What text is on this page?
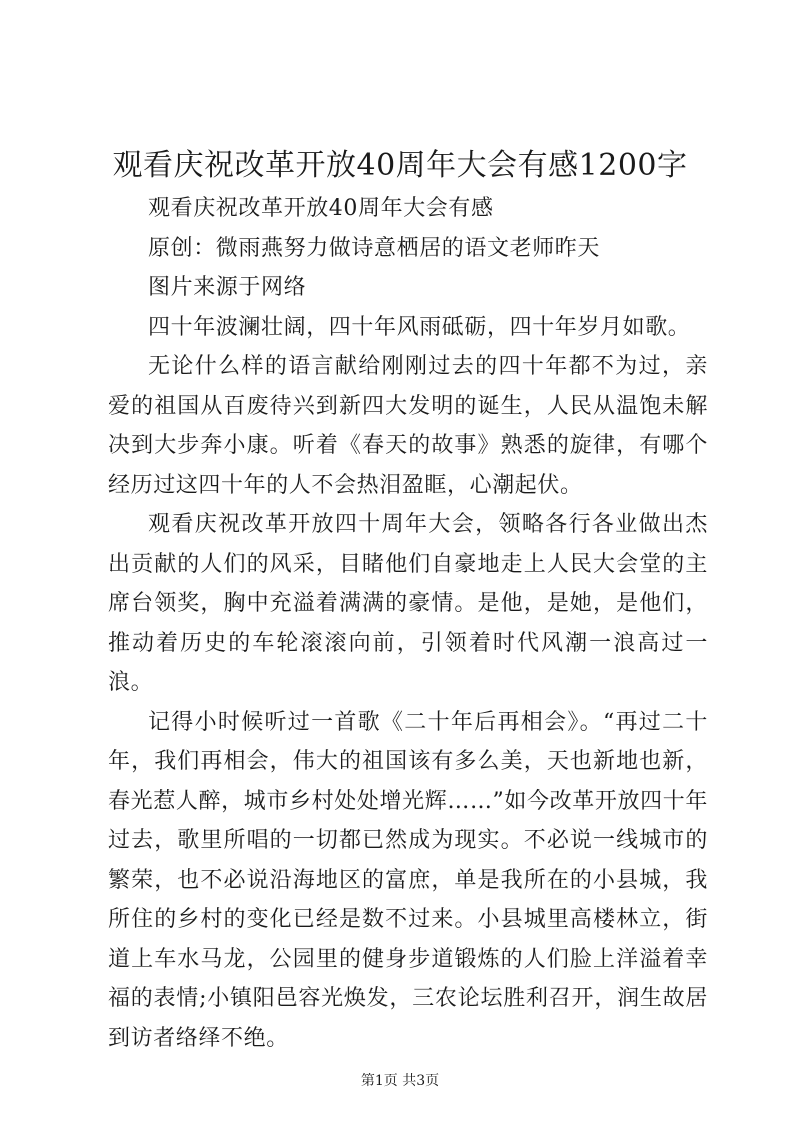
观看庆祝改革开放40周年大会有感1200字

观看庆祝改革开放40周年大会有感

原创：微雨燕努力做诗意栖居的语文老师昨天

图片来源于网络

四十年波澜壮阔，四十年风雨砥砺，四十年岁月如歌。

无论什么样的语言献给刚刚过去的四十年都不为过，亲爱的祖国从百废待兴到新四大发明的诞生，人民从温饱未解决到大步奔小康。听着《春天的故事》熟悉的旋律，有哪个经历过这四十年的人不会热泪盈眶，心潮起伏。

观看庆祝改革开放四十周年大会，领略各行各业做出杰出贡献的人们的风采，目睹他们自豪地走上人民大会堂的主席台领奖，胸中充溢着满满的豪情。是他，是她，是他们，推动着历史的车轮滚滚向前，引领着时代风潮一浪高过一浪。

记得小时候听过一首歌《二十年后再相会》。“再过二十年，我们再相会，伟大的祖国该有多么美，天也新地也新，春光惹人醉，城市乡村处处增光辉……”如今改革开放四十年过去，歌里所唱的一切都已然成为现实。不必说一线城市的繁荣，也不必说沿海地区的富庶，单是我所在的小县城，我所住的乡村的变化已经是数不过来。小县城里高楼林立，街道上车水马龙，公园里的健身步道锻炼的人们脸上洋溢着幸福的表情;小镇阳邑容光焕发，三农论坛胜利召开，润生故居到访者络绎不绝。

第1页 共3页
